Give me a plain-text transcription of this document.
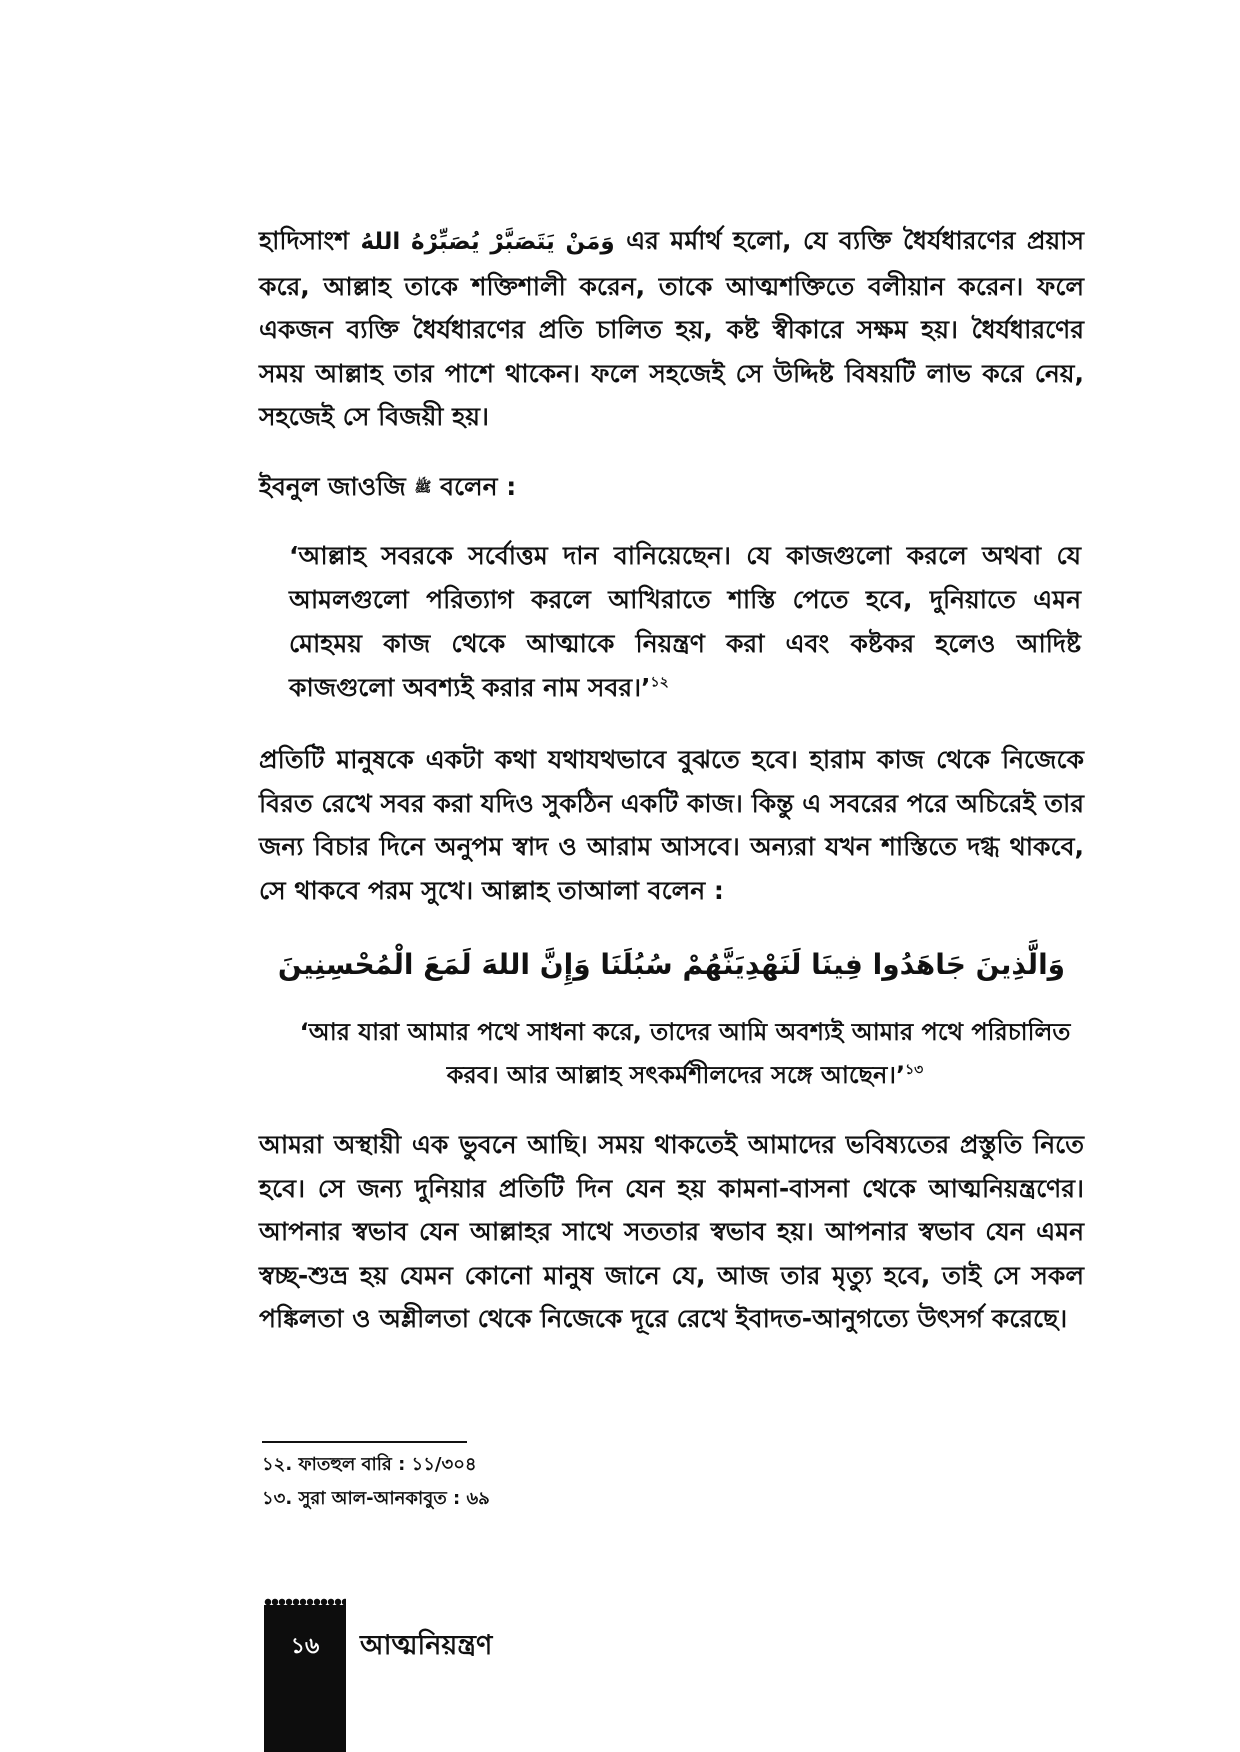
হাদিসাংশ وَمَنْ يَتَصَبَّرْ يُصَبِّرْهُ اللهُ এর মর্মার্থ হলো, যে ব্যক্তি ধৈর্যধারণের প্রয়াস করে, আল্লাহ তাকে শক্তিশালী করেন, তাকে আত্মশক্তিতে বলীয়ান করেন। ফলে একজন ব্যক্তি ধৈর্যধারণের প্রতি চালিত হয়, কষ্ট স্বীকারে সক্ষম হয়। ধৈর্যধারণের সময় আল্লাহ তার পাশে থাকেন। ফলে সহজেই সে উদ্দিষ্ট বিষয়টি লাভ করে নেয়, সহজেই সে বিজয়ী হয়।

ইবনুল জাওজি ﷺ বলেন :

‘আল্লাহ সবরকে সর্বোত্তম দান বানিয়েছেন। যে কাজগুলো করলে অথবা যে আমলগুলো পরিত্যাগ করলে আখিরাতে শাস্তি পেতে হবে, দুনিয়াতে এমন মোহময় কাজ থেকে আত্মাকে নিয়ন্ত্রণ করা এবং কষ্টকর হলেও আদিষ্ট কাজগুলো অবশ্যই করার নাম সবর।’$^{১২}$

প্রতিটি মানুষকে একটা কথা যথাযথভাবে বুঝতে হবে। হারাম কাজ থেকে নিজেকে বিরত রেখে সবর করা যদিও সুকঠিন একটি কাজ। কিন্তু এ সবরের পরে অচিরেই তার জন্য বিচার দিনে অনুপম স্বাদ ও আরাম আসবে। অন্যরা যখন শাস্তিতে দগ্ধ থাকবে, সে থাকবে পরম সুখে। আল্লাহ তাআলা বলেন :

وَالَّذِينَ جَاهَدُوا فِينَا لَنَهْدِيَنَّهُمْ سُبُلَنَا وَإِنَّ اللهَ لَمَعَ الْمُحْسِنِينَ

‘আর যারা আমার পথে সাধনা করে, তাদের আমি অবশ্যই আমার পথে পরিচালিত করব। আর আল্লাহ সৎকর্মশীলদের সঙ্গে আছেন।’$^{১৩}$

আমরা অস্থায়ী এক ভুবনে আছি। সময় থাকতেই আমাদের ভবিষ্যতের প্রস্তুতি নিতে হবে। সে জন্য দুনিয়ার প্রতিটি দিন যেন হয় কামনা-বাসনা থেকে আত্মনিয়ন্ত্রণের। আপনার স্বভাব যেন আল্লাহর সাথে সততার স্বভাব হয়। আপনার স্বভাব যেন এমন স্বচ্ছ-শুভ্র হয় যেমন কোনো মানুষ জানে যে, আজ তার মৃত্যু হবে, তাই সে সকল পঙ্কিলতা ও অশ্লীলতা থেকে নিজেকে দূরে রেখে ইবাদত-আনুগত্যে উৎসর্গ করেছে।

১২. ফাতহুল বারি : ১১/৩০৪
১৩. সুরা আল-আনকাবুত : ৬৯
১৬	আত্মনিয়ন্ত্রণ
